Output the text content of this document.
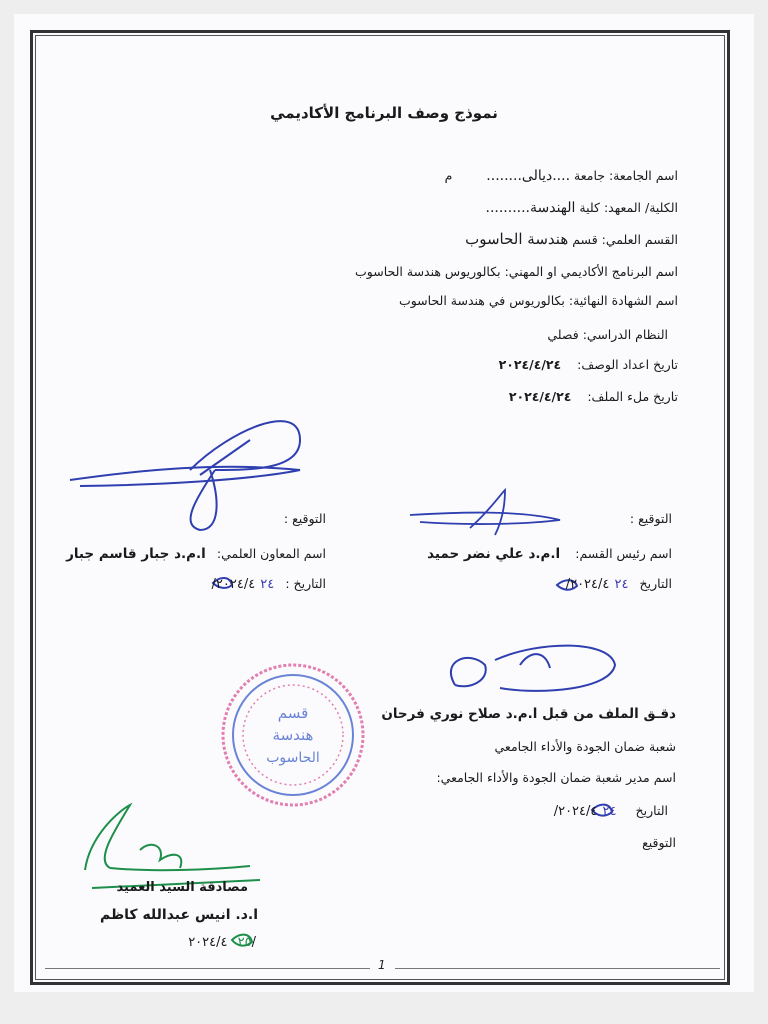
نموذج وصف البرنامج الأكاديمي
اسم الجامعة: جامعة ....ديالى........ م
الكلية/ المعهد: كلية الهندسة..........
القسم العلمي: قسم هندسة الحاسوب
اسم البرنامج الأكاديمي او المهني: بكالوريوس هندسة الحاسوب
اسم الشهادة النهائية: بكالوريوس في هندسة الحاسوب
النظام الدراسي: فصلي
تاريخ اعداد الوصف: ٢٠٢٤/٤/٢٤
تاريخ ملء الملف: ٢٠٢٤/٤/٢٤
التوقيع :
اسم رئيس القسم: ا.م.د علي نضر حميد
التاريخ ٢٤ ٢٠٢٤/٤/
التوقيع :
اسم المعاون العلمي: ا.م.د جبار قاسم جبار
التاريخ : ٢٤ ٢٠٢٤/٤/
دقـق الملف من قبل ا.م.د صلاح نوري فرحان
شعبة ضمان الجودة والأداء الجامعي
اسم مدير شعبة ضمان الجودة والأداء الجامعي:
التاريخ ٢٤ ٢٠٢٤/٤/
التوقيع
قسم
هندسة
الحاسوب
مصادقة السيد العميد
ا.د. انيس عبدالله كاظم
٢٥ ٢٠٢٤/٤/
1
